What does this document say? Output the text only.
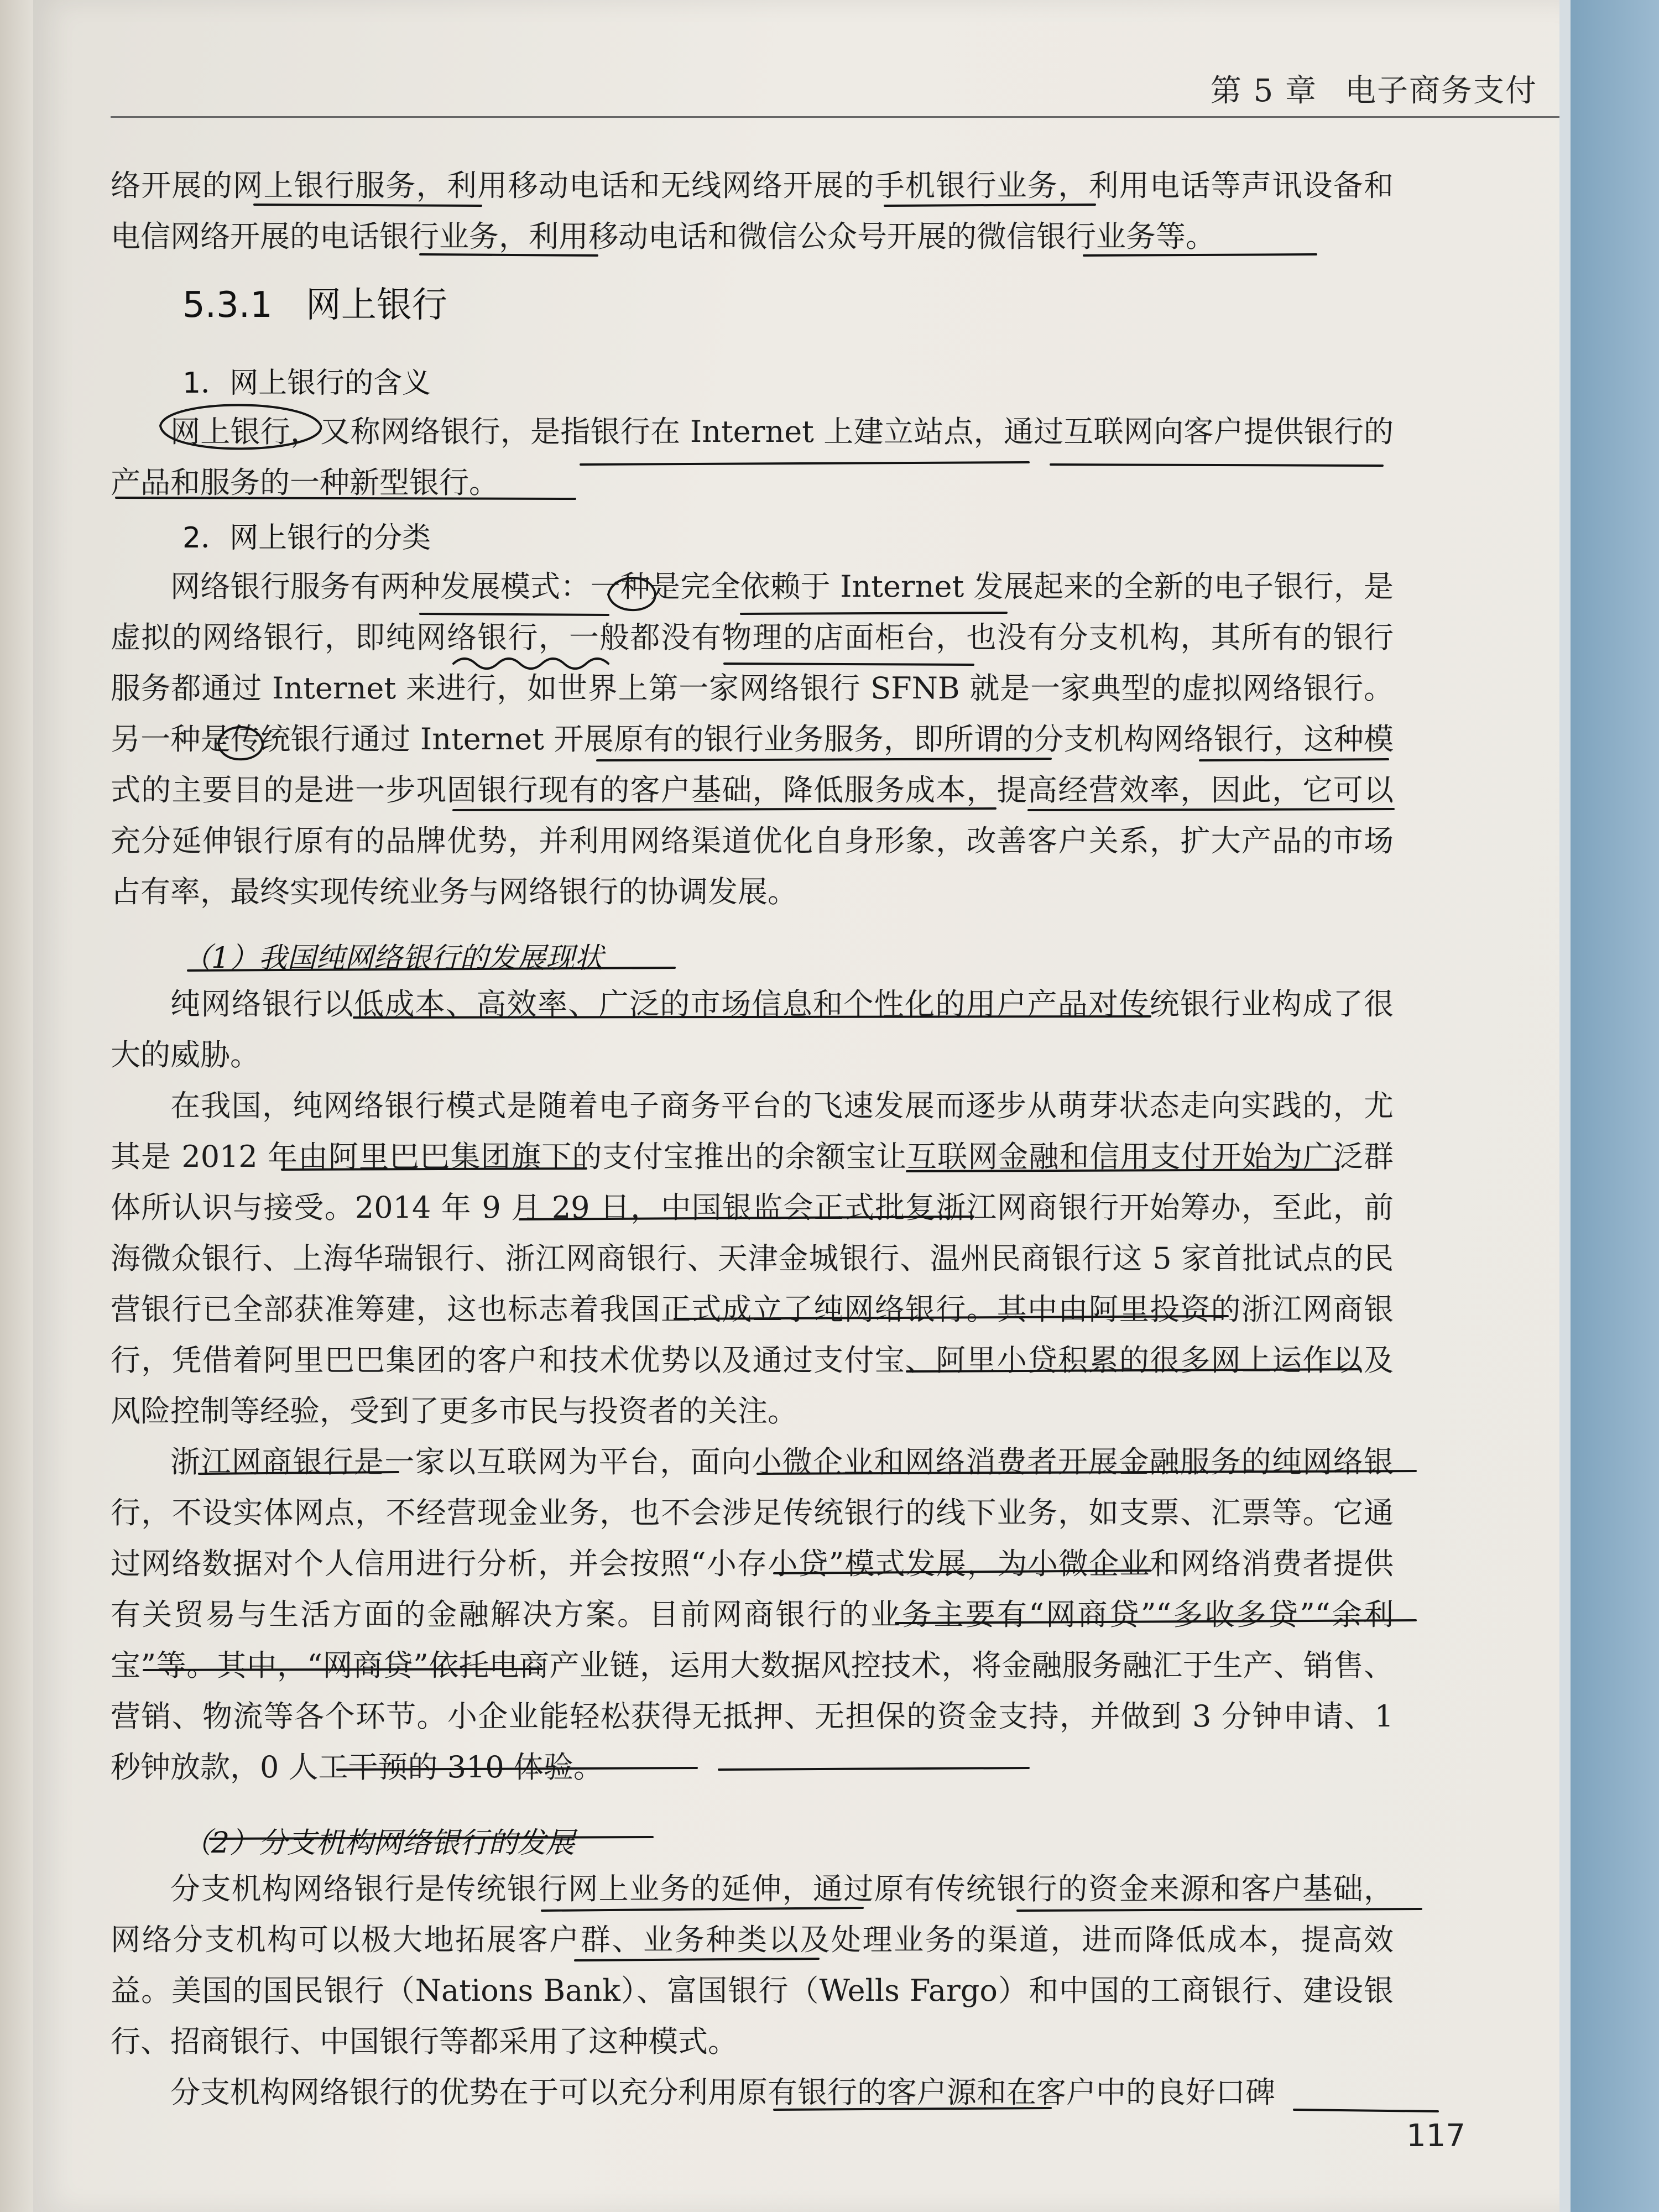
第 5 章 电子商务支付

络开展的网上银行服务，利用移动电话和无线网络开展的手机银行业务，利用电话等声讯设备和电信网络开展的电话银行业务，利用移动电话和微信公众号开展的微信银行业务等。

5.3.1 网上银行
1．网上银行的含义

网上银行，又称网络银行，是指银行在 Internet 上建立站点，通过互联网向客户提供银行的产品和服务的一种新型银行。

2．网上银行的分类

网络银行服务有两种发展模式：一种是完全依赖于 Internet 发展起来的全新的电子银行，是虚拟的网络银行，即纯网络银行，一般都没有物理的店面柜台，也没有分支机构，其所有的银行服务都通过 Internet 来进行，如世界上第一家网络银行 SFNB 就是一家典型的虚拟网络银行。另一种是传统银行通过 Internet 开展原有的银行业务服务，即所谓的分支机构网络银行，这种模式的主要目的是进一步巩固银行现有的客户基础，降低服务成本，提高经营效率，因此，它可以充分延伸银行原有的品牌优势，并利用网络渠道优化自身形象，改善客户关系，扩大产品的市场占有率，最终实现传统业务与网络银行的协调发展。

（1）我国纯网络银行的发展现状

纯网络银行以低成本、高效率、广泛的市场信息和个性化的用户产品对传统银行业构成了很大的威胁。

在我国，纯网络银行模式是随着电子商务平台的飞速发展而逐步从萌芽状态走向实践的，尤其是 2012 年由阿里巴巴集团旗下的支付宝推出的余额宝让互联网金融和信用支付开始为广泛群体所认识与接受。2014 年 9 月 29 日，中国银监会正式批复浙江网商银行开始筹办，至此，前海微众银行、上海华瑞银行、浙江网商银行、天津金城银行、温州民商银行这 5 家首批试点的民营银行已全部获准筹建，这也标志着我国正式成立了纯网络银行。其中由阿里投资的浙江网商银行，凭借着阿里巴巴集团的客户和技术优势以及通过支付宝、阿里小贷积累的很多网上运作以及风险控制等经验，受到了更多市民与投资者的关注。

浙江网商银行是一家以互联网为平台，面向小微企业和网络消费者开展金融服务的纯网络银行，不设实体网点，不经营现金业务，也不会涉足传统银行的线下业务，如支票、汇票等。它通过网络数据对个人信用进行分析，并会按照“小存小贷”模式发展，为小微企业和网络消费者提供有关贸易与生活方面的金融解决方案。目前网商银行的业务主要有“网商贷”“多收多贷”“余利宝”等。其中，“网商贷”依托电商产业链，运用大数据风控技术，将金融服务融汇于生产、销售、营销、物流等各个环节。小企业能轻松获得无抵押、无担保的资金支持，并做到 3 分钟申请、1 秒钟放款，0 人工干预的 310 体验。

（2）分支机构网络银行的发展

分支机构网络银行是传统银行网上业务的延伸，通过原有传统银行的资金来源和客户基础，网络分支机构可以极大地拓展客户群、业务种类以及处理业务的渠道，进而降低成本，提高效益。美国的国民银行（Nations Bank）、富国银行（Wells Fargo）和中国的工商银行、建设银行、招商银行、中国银行等都采用了这种模式。

分支机构网络银行的优势在于可以充分利用原有银行的客户源和在客户中的良好口碑

117
